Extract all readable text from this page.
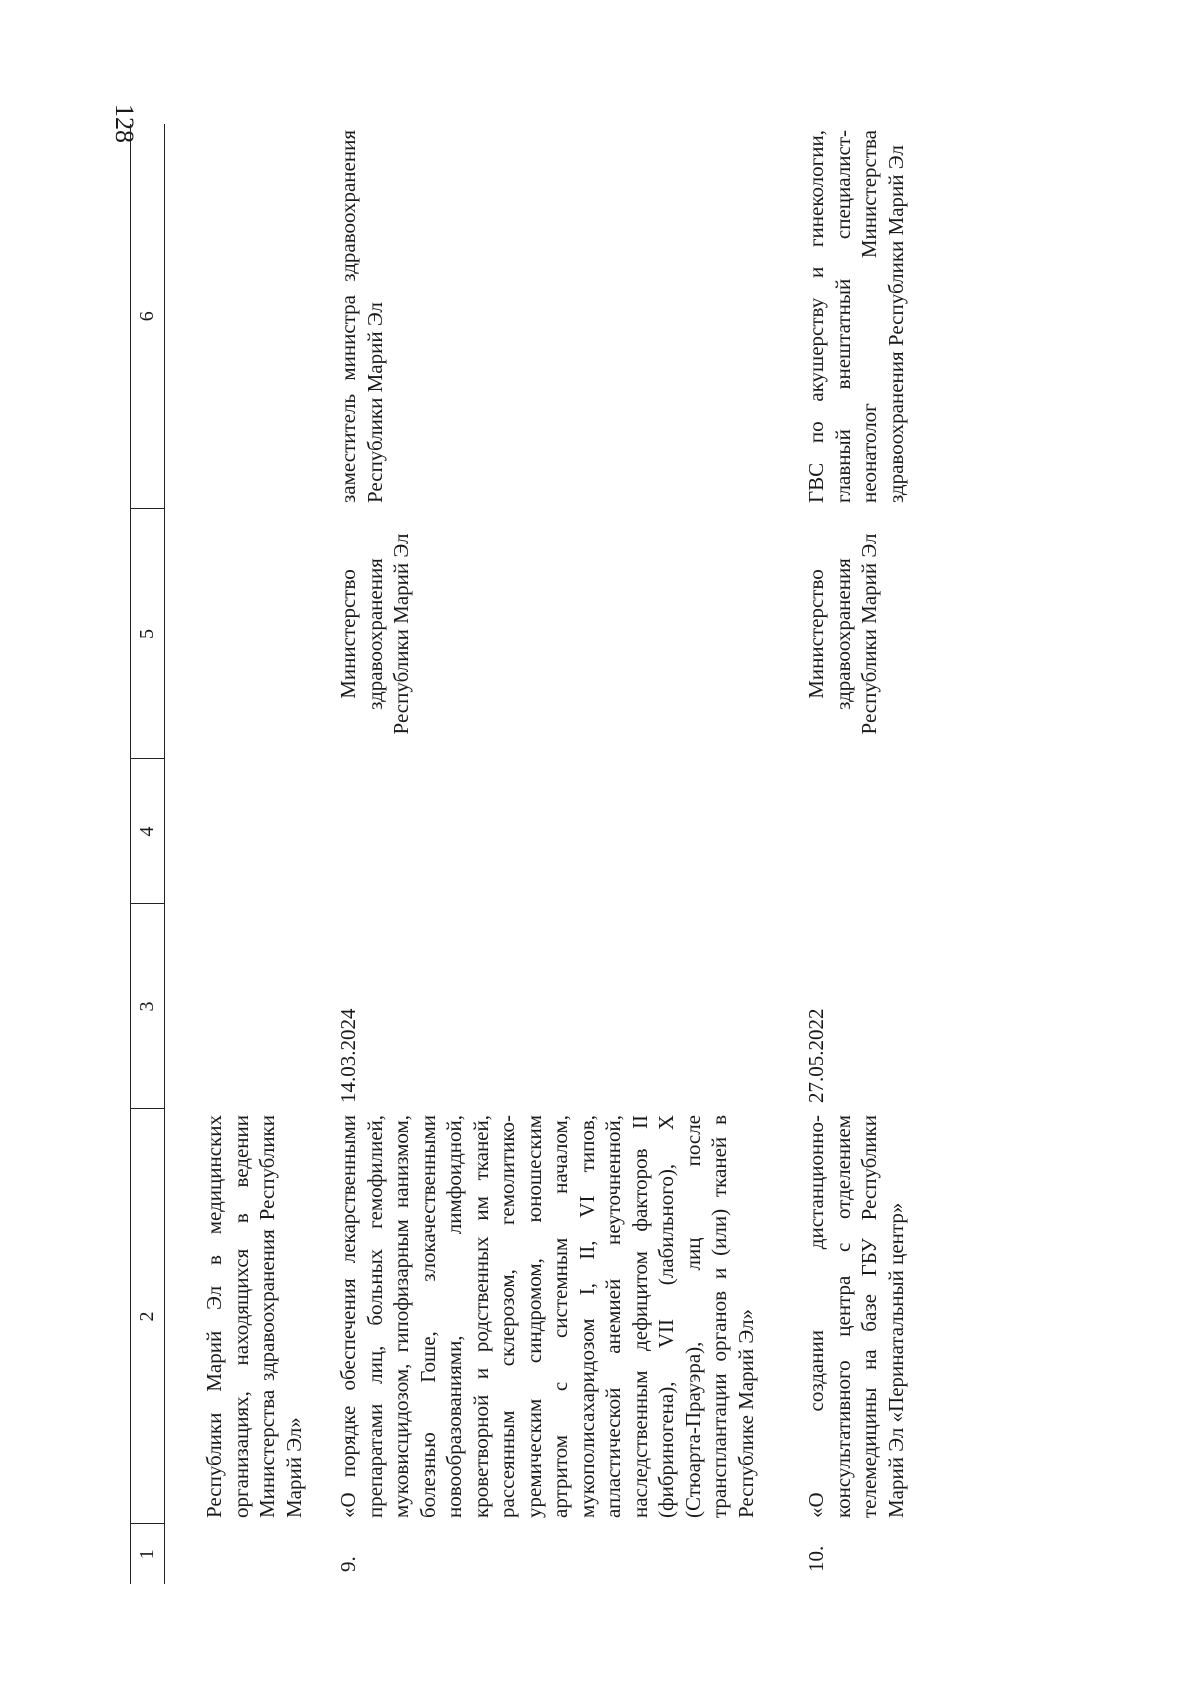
128
1	2	3	4	5	6
	Республики Марий Эл в медицинских организациях, находящихся в ведении Министерства здравоохранения Республики Марий Эл»				
9.	«О порядке обеспечения лекарственными препаратами лиц, больных гемофилией, муковисцидозом, гипофизарным нанизмом, болезнью Гоше, злокачественными новообразованиями, лимфоидной, кроветворной и родственных им тканей, рассеянным склерозом, гемолитико-уремическим синдромом, юношеским артритом с системным началом, мукополисахаридозом I, II, VI типов, апластической анемией неуточненной, наследственным дефицитом факторов II (фибриногена), VII (лабильного), X (Стюарта-Прауэра), лиц после трансплантации органов и (или) тканей в Республике Марий Эл»	14.03.2024		Министерство здравоохранения Республики Марий Эл	заместитель министра здравоохранения Республики Марий Эл
10.	«О создании дистанционно-консультативного центра с отделением телемедицины на базе ГБУ Республики Марий Эл «Перинатальный центр»	27.05.2022		Министерство здравоохранения Республики Марий Эл	ГВС по акушерству и гинекологии, главный внештатный специалист-неонатолог Министерства здравоохранения Республики Марий Эл
